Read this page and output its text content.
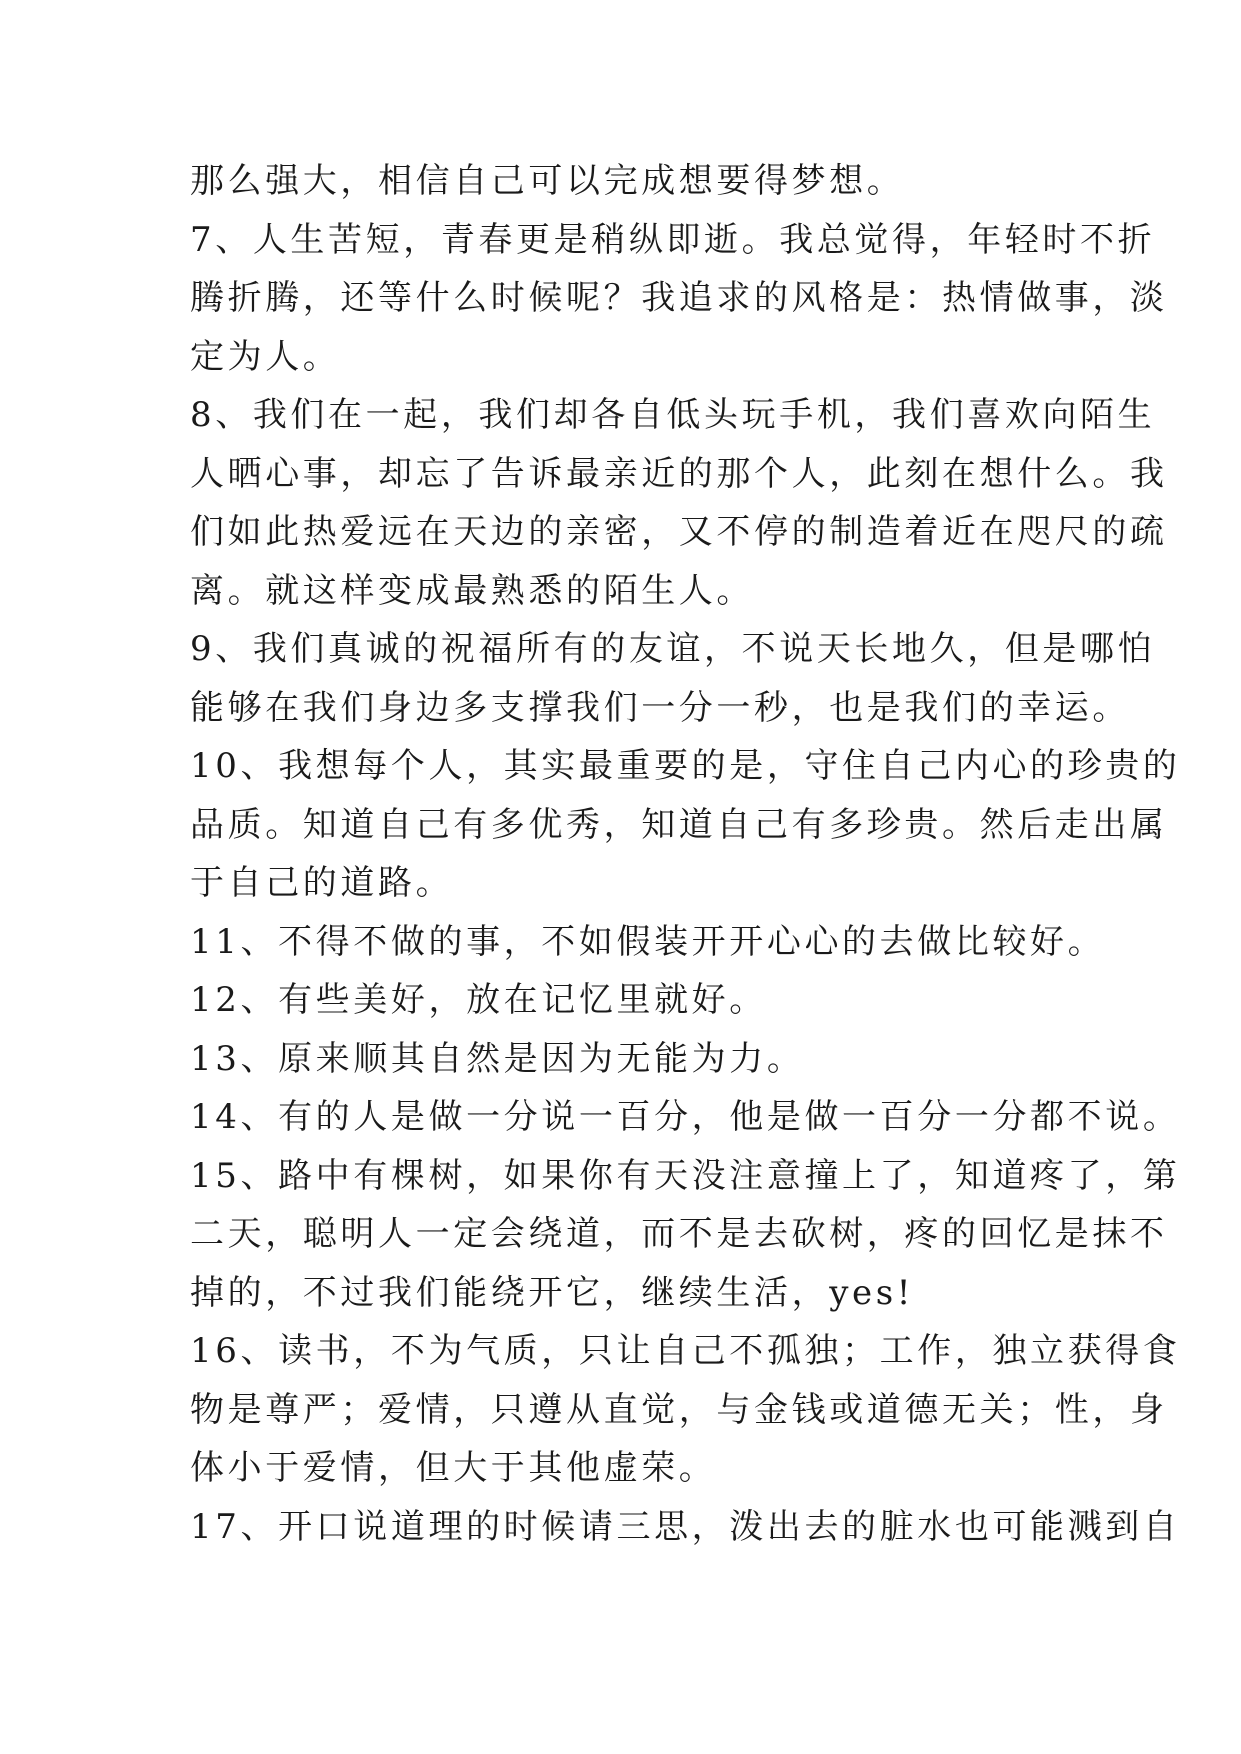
那么强大，相信自己可以完成想要得梦想。
7、人生苦短，青春更是稍纵即逝。我总觉得，年轻时不折
腾折腾，还等什么时候呢？我追求的风格是：热情做事，淡
定为人。
8、我们在一起，我们却各自低头玩手机，我们喜欢向陌生
人晒心事，却忘了告诉最亲近的那个人，此刻在想什么。我
们如此热爱远在天边的亲密，又不停的制造着近在咫尺的疏
离。就这样变成最熟悉的陌生人。
9、我们真诚的祝福所有的友谊，不说天长地久，但是哪怕
能够在我们身边多支撑我们一分一秒，也是我们的幸运。
10、我想每个人，其实最重要的是，守住自己内心的珍贵的
品质。知道自己有多优秀，知道自己有多珍贵。然后走出属
于自己的道路。
11、不得不做的事，不如假装开开心心的去做比较好。
12、有些美好，放在记忆里就好。
13、原来顺其自然是因为无能为力。
14、有的人是做一分说一百分，他是做一百分一分都不说。
15、路中有棵树，如果你有天没注意撞上了，知道疼了，第
二天，聪明人一定会绕道，而不是去砍树，疼的回忆是抹不
掉的，不过我们能绕开它，继续生活，yes!
16、读书，不为气质，只让自己不孤独；工作，独立获得食
物是尊严；爱情，只遵从直觉，与金钱或道德无关；性，身
体小于爱情，但大于其他虚荣。
17、开口说道理的时候请三思，泼出去的脏水也可能溅到自
